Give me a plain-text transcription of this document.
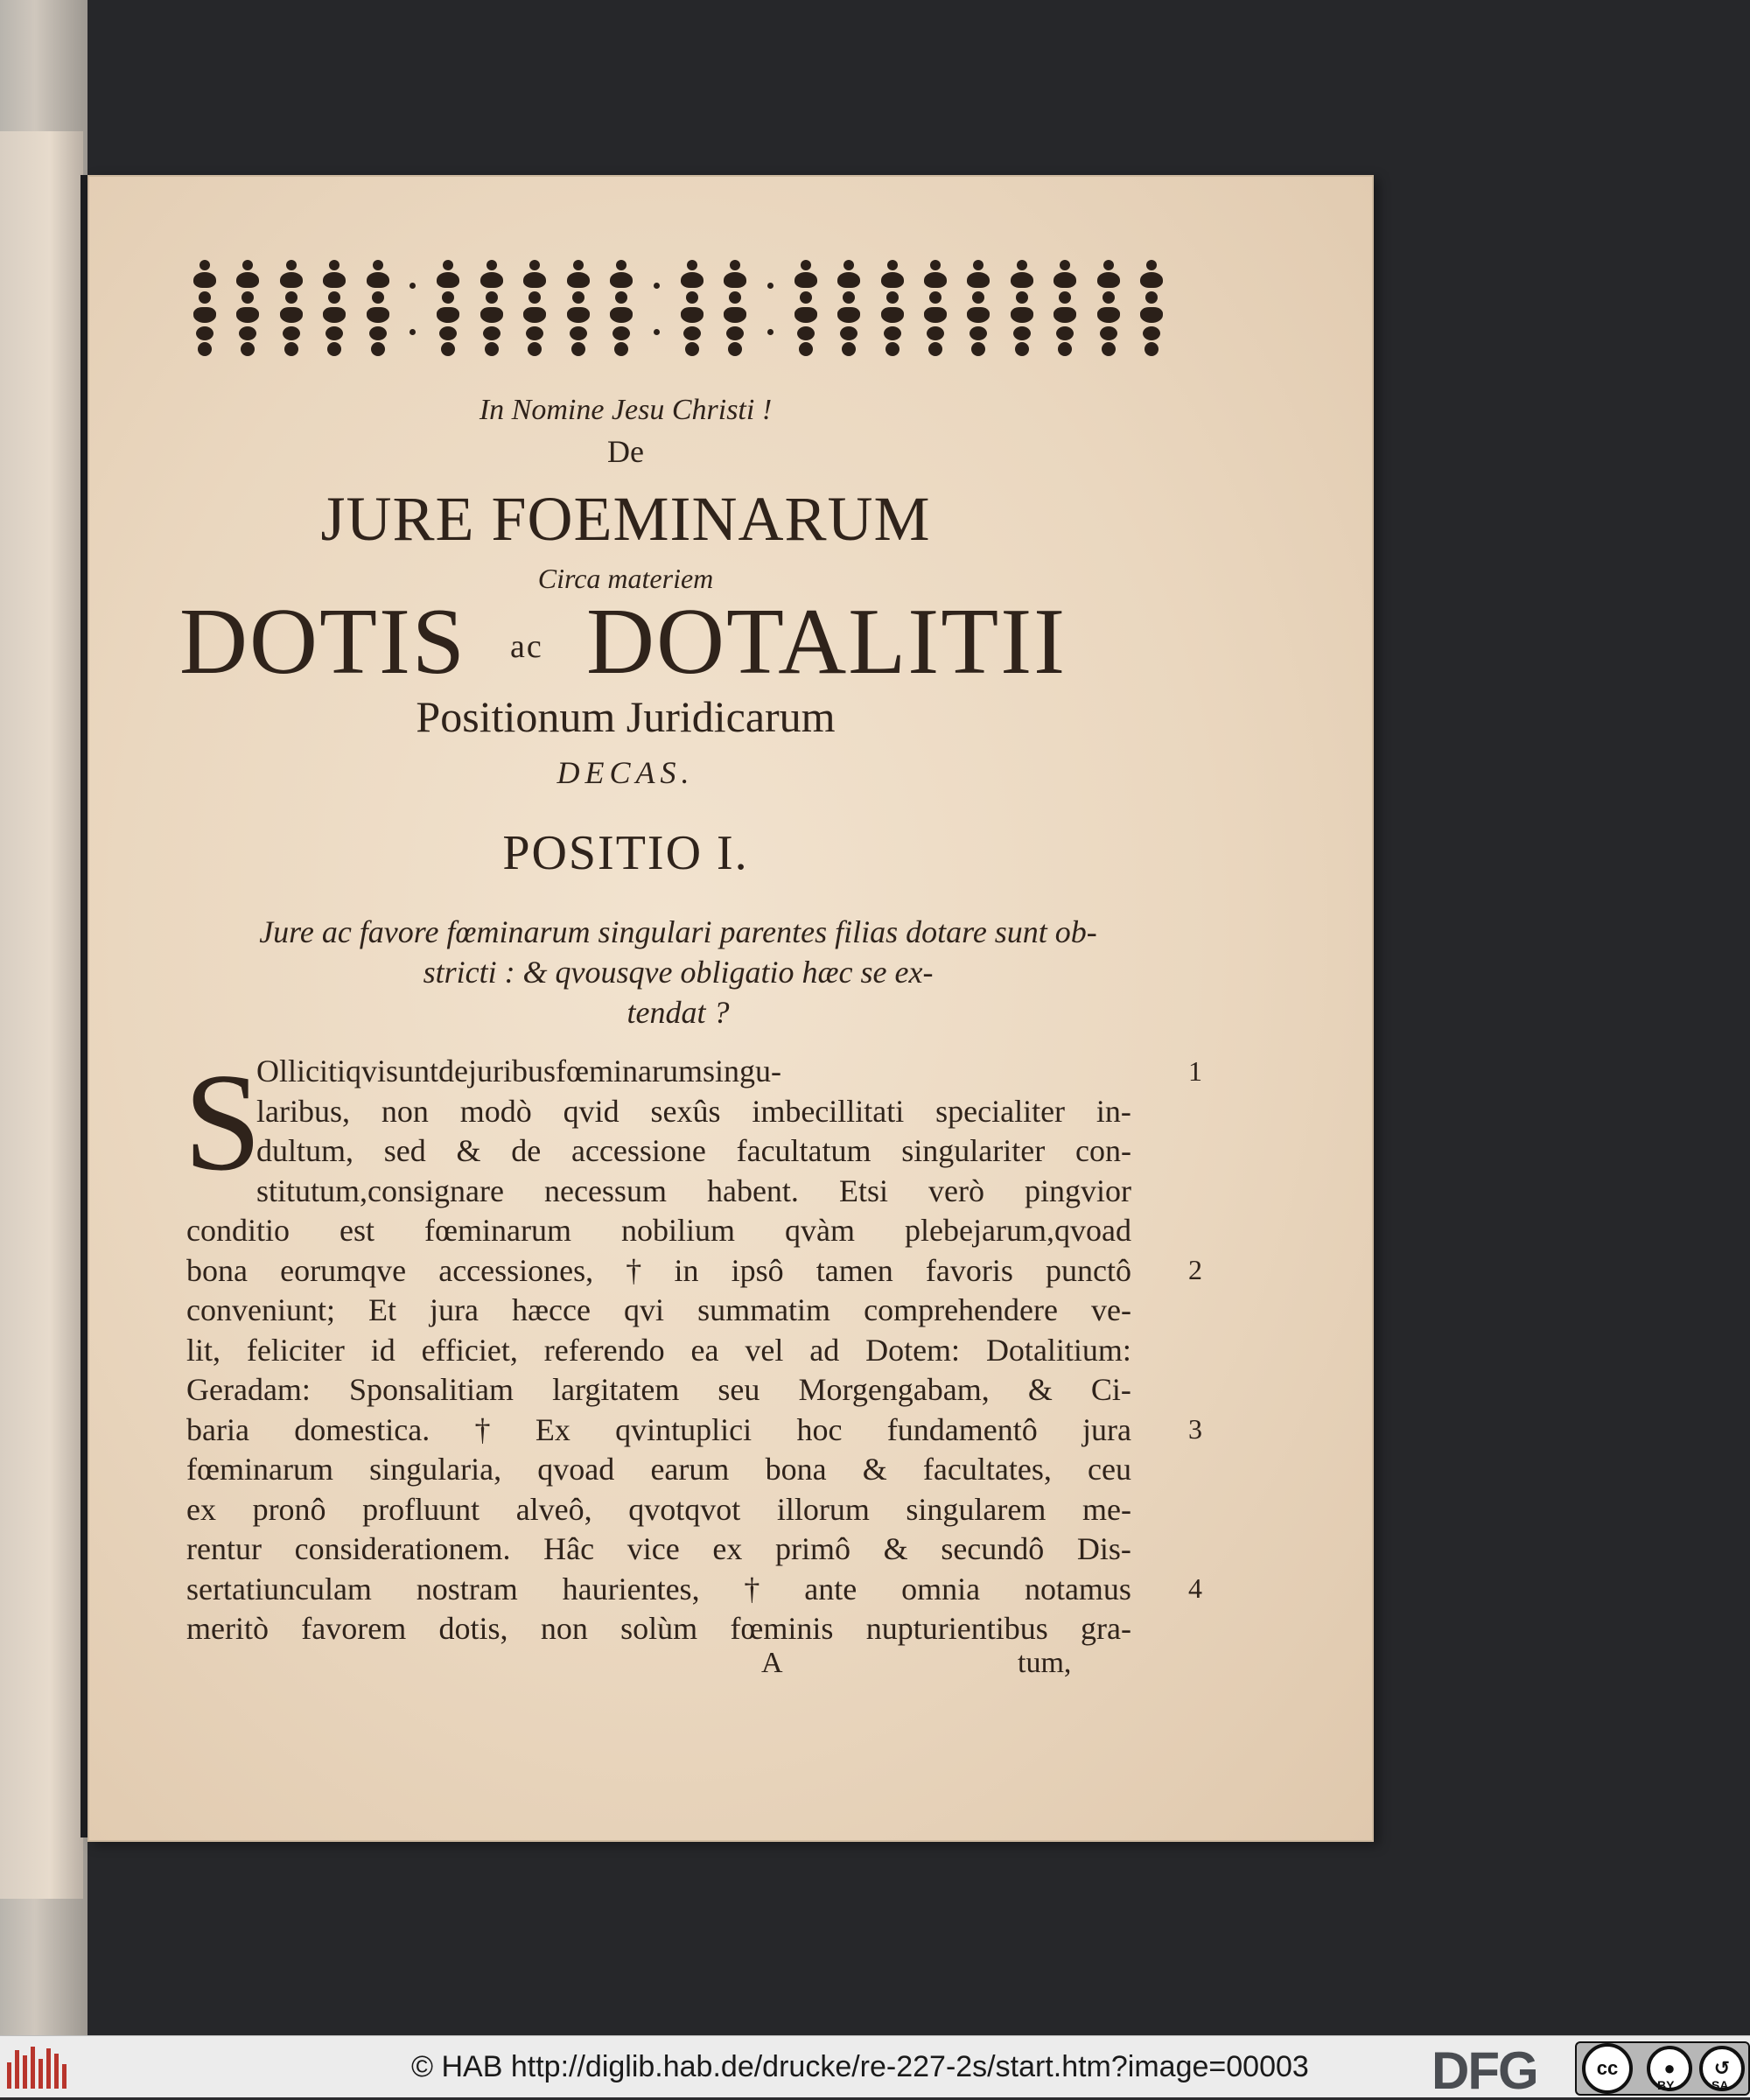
In Nomine Jesu Christi !
De
JURE FOEMINARUM
Circa materiem
DOTIS ac DOTALITII
Positionum Juridicarum
DECAS.
POSITIO I.
Jure ac favore fœminarum singulari parentes filias dotare sunt ob-
stricti : & qvousqve obligatio hæc se ex-
tendat ?
S	1
2
3
4
Ollicitiqvisuntdejuribusfœminarumsingu-
laribus, non modò qvid sexûs imbecillitati specialiter in-
dultum, sed & de accessione facultatum singulariter con-
stitutum,consignare necessum habent. Etsi verò pingvior
conditio est fœminarum nobilium qvàm plebejarum,qvoad
bona eorumqve accessiones, † in ipsô tamen favoris punctô
conveniunt; Et jura hæcce qvi summatim comprehendere ve-
lit, feliciter id efficiet, referendo ea vel ad Dotem: Dotalitium:
Geradam: Sponsalitiam largitatem seu Morgengabam, & Ci-
baria domestica. † Ex qvintuplici hoc fundamentô jura
fœminarum singularia, qvoad earum bona & facultates, ceu
ex pronô profluunt alveô, qvotqvot illorum singularem me-
rentur considerationem. Hâc vice ex primô & secundô Dis-
sertatiunculam nostram haurientes, † ante omnia notamus
meritò favorem dotis, non solùm fœminis nupturientibus gra-
A	tum,
© HAB http://diglib.hab.de/drucke/re-227-2s/start.htm?image=00003 DFG	cc	●	↺
BY	SA
